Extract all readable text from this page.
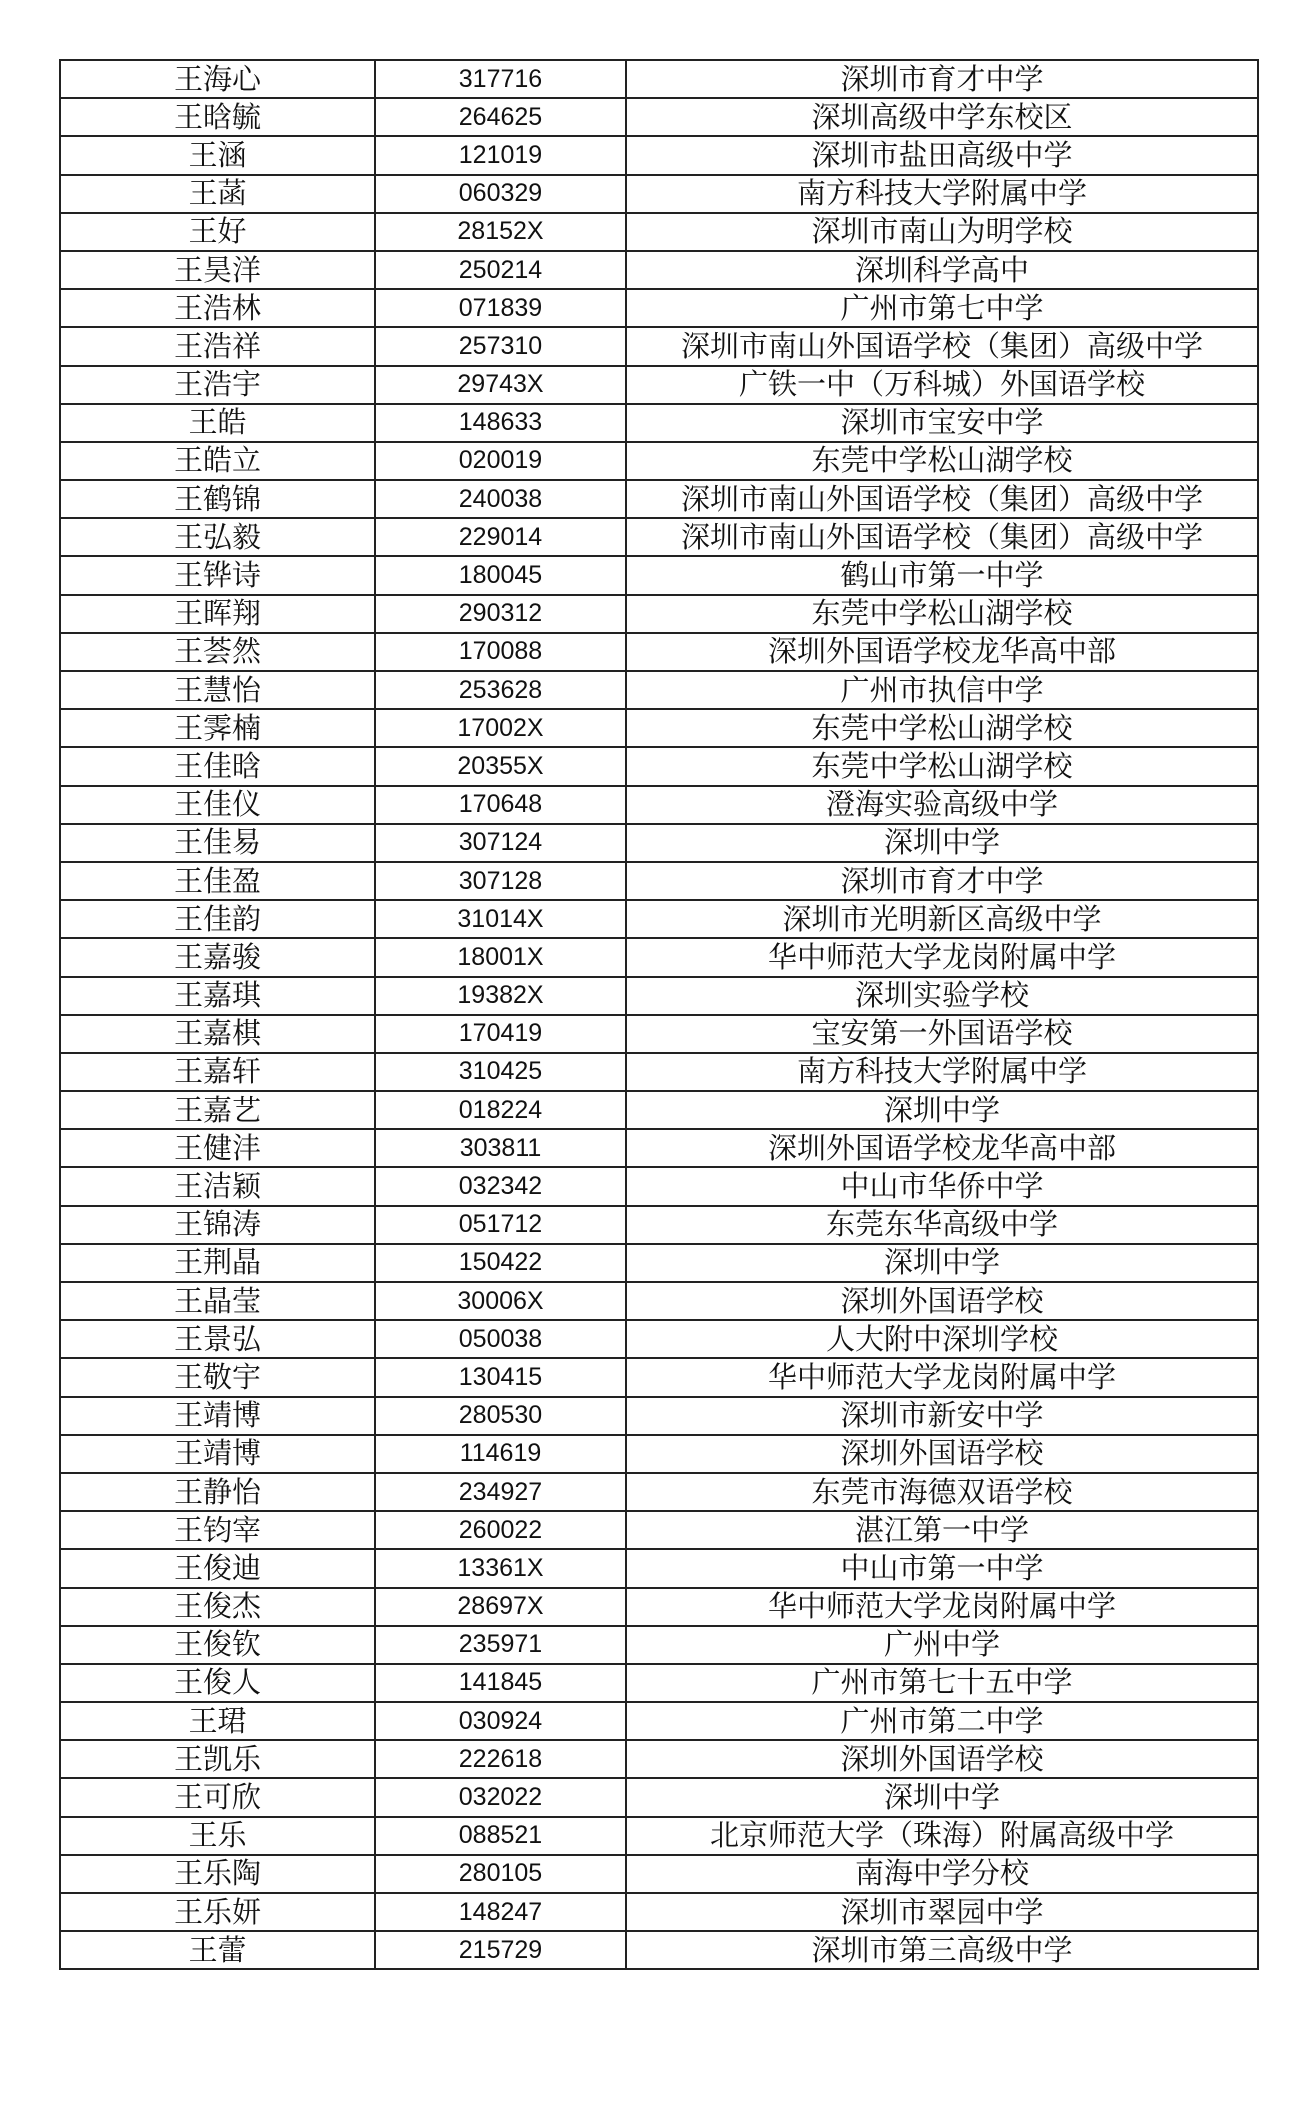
王海心	317716	深圳市育才中学
王晗毓	264625	深圳高级中学东校区
王涵	121019	深圳市盐田高级中学
王菡	060329	南方科技大学附属中学
王好	28152X	深圳市南山为明学校
王昊洋	250214	深圳科学高中
王浩林	071839	广州市第七中学
王浩祥	257310	深圳市南山外国语学校（集团）高级中学
王浩宇	29743X	广铁一中（万科城）外国语学校
王皓	148633	深圳市宝安中学
王皓立	020019	东莞中学松山湖学校
王鹤锦	240038	深圳市南山外国语学校（集团）高级中学
王弘毅	229014	深圳市南山外国语学校（集团）高级中学
王铧诗	180045	鹤山市第一中学
王晖翔	290312	东莞中学松山湖学校
王荟然	170088	深圳外国语学校龙华高中部
王慧怡	253628	广州市执信中学
王霁楠	17002X	东莞中学松山湖学校
王佳晗	20355X	东莞中学松山湖学校
王佳仪	170648	澄海实验高级中学
王佳易	307124	深圳中学
王佳盈	307128	深圳市育才中学
王佳韵	31014X	深圳市光明新区高级中学
王嘉骏	18001X	华中师范大学龙岗附属中学
王嘉琪	19382X	深圳实验学校
王嘉棋	170419	宝安第一外国语学校
王嘉轩	310425	南方科技大学附属中学
王嘉艺	018224	深圳中学
王健沣	303811	深圳外国语学校龙华高中部
王洁颖	032342	中山市华侨中学
王锦涛	051712	东莞东华高级中学
王荆晶	150422	深圳中学
王晶莹	30006X	深圳外国语学校
王景弘	050038	人大附中深圳学校
王敬宇	130415	华中师范大学龙岗附属中学
王靖博	280530	深圳市新安中学
王靖博	114619	深圳外国语学校
王静怡	234927	东莞市海德双语学校
王钧宰	260022	湛江第一中学
王俊迪	13361X	中山市第一中学
王俊杰	28697X	华中师范大学龙岗附属中学
王俊钦	235971	广州中学
王俊人	141845	广州市第七十五中学
王珺	030924	广州市第二中学
王凯乐	222618	深圳外国语学校
王可欣	032022	深圳中学
王乐	088521	北京师范大学（珠海）附属高级中学
王乐陶	280105	南海中学分校
王乐妍	148247	深圳市翠园中学
王蕾	215729	深圳市第三高级中学
